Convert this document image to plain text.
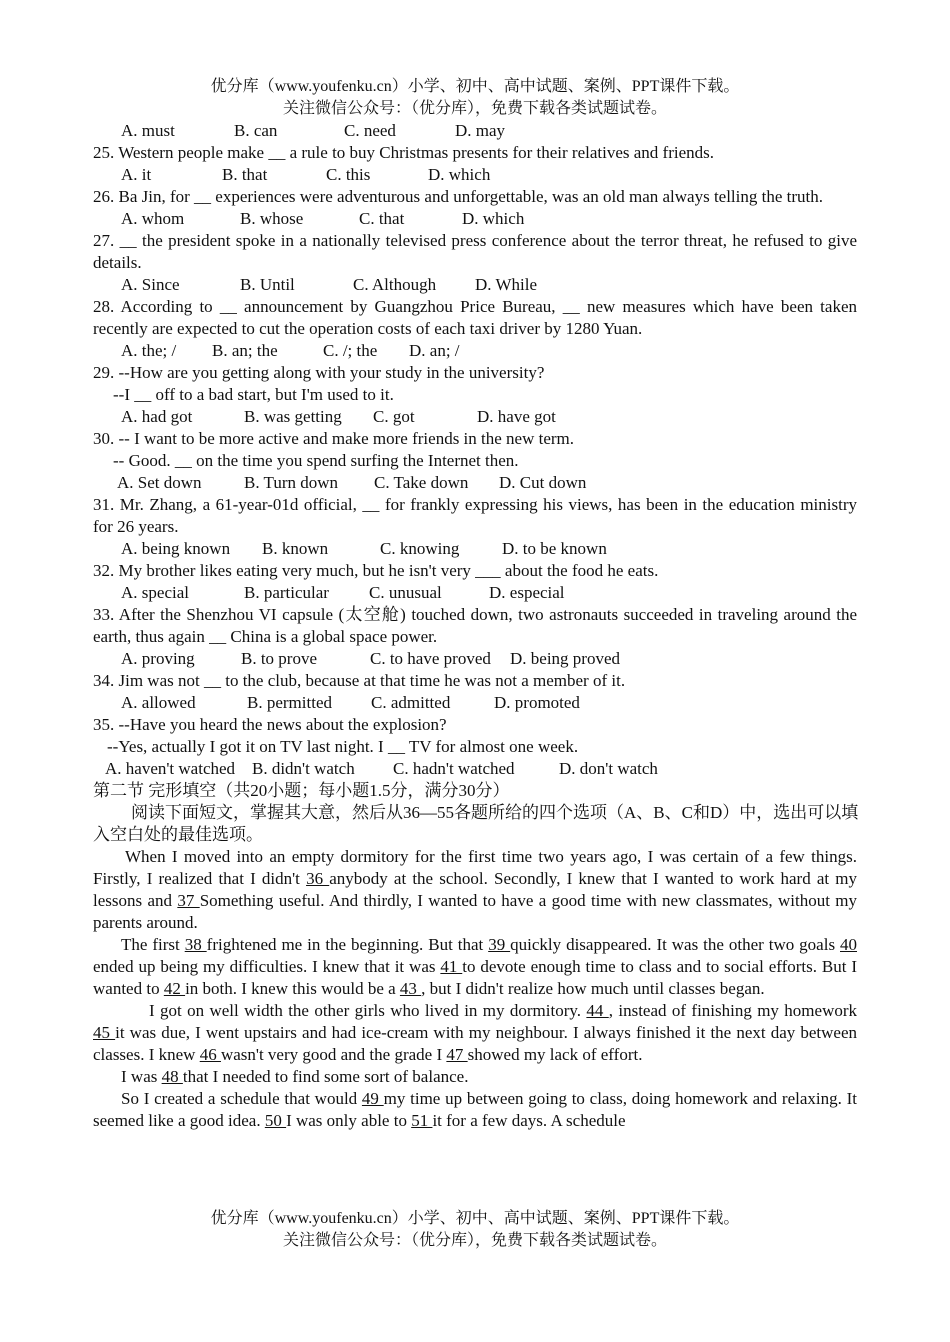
优分库（www.youfenku.cn）小学、初中、高中试题、案例、PPT课件下载。
关注微信公众号：（优分库），免费下载各类试题试卷。
A. must	B. can	C. need	D. may
25. Western people make __ a rule to buy Christmas presents for their relatives and friends.
A. it	B. that	C. this	D. which
26. Ba Jin, for __ experiences were adventurous and unforgettable, was an old man always telling the truth.
A. whom	B. whose	C. that	D. which
27. __ the president spoke in a nationally televised press conference about the terror threat, he refused to give details.
A. Since	B. Until	C. Although D. While
28. According to __ announcement by Guangzhou Price Bureau, __ new measures which have been taken recently are expected to cut the operation costs of each taxi driver by 1280 Yuan.
A. the; / B. an; the	C. /; the D. an; /
29. --How are you getting along with your study in the university?
--I __ off to a bad start, but I'm used to it.
A. had got	B. was getting C. got	D. have got
30. -- I want to be more active and make more friends in the new term.
-- Good. __ on the time you spend surfing the Internet then.
A. Set down B. Turn down C. Take down D. Cut down
31. Mr. Zhang, a 61-year-01d official, __ for frankly expressing his views, has been in the education ministry for 26 years.
A. being known B. known	C. knowing	D. to be known
32. My brother likes eating very much, but he isn't very ___ about the food he eats.
A. special	B. particular C. unusual	D. especial
33. After the Shenzhou VI capsule (太空舱) touched down, two astronauts succeeded in traveling around the earth, thus again __ China is a global space power.
A. proving	B. to prove	C. to have proved D. being proved
34. Jim was not __ to the club, because at that time he was not a member of it.
A. allowed	B. permitted C. admitted	D. promoted
35. --Have you heard the news about the explosion?
--Yes, actually I got it on TV last night. I __ TV for almost one week.
A. haven't watched B. didn't watch C. hadn't watched	D. don't watch
第二节 完形填空（共20小题；每小题1.5分，满分30分）
阅读下面短文，掌握其大意，然后从36—55各题所给的四个选项（A、B、C和D）中，选出可以填入空白处的最佳选项。
When I moved into an empty dormitory for the first time two years ago, I was certain of a few things. Firstly, I realized that I didn't 36 anybody at the school. Secondly, I knew that I wanted to work hard at my lessons and 37 Something useful. And thirdly, I wanted to have a good time with new classmates, without my parents around.
The first 38 frightened me in the beginning. But that 39 quickly disappeared. It was the other two goals 40 ended up being my difficulties. I knew that it was 41 to devote enough time to class and to social efforts. But I wanted to 42 in both. I knew this would be a 43 , but I didn't realize how much until classes began.
I got on well width the other girls who lived in my dormitory. 44 , instead of finishing my homework 45 it was due, I went upstairs and had ice-cream with my neighbour. I always finished it the next day between classes. I knew 46 wasn't very good and the grade I 47 showed my lack of effort.
I was 48 that I needed to find some sort of balance.
So I created a schedule that would 49 my time up between going to class, doing homework and relaxing. It seemed like a good idea. 50 I was only able to 51 it for a few days. A schedule
优分库（www.youfenku.cn）小学、初中、高中试题、案例、PPT课件下载。
关注微信公众号：（优分库），免费下载各类试题试卷。
